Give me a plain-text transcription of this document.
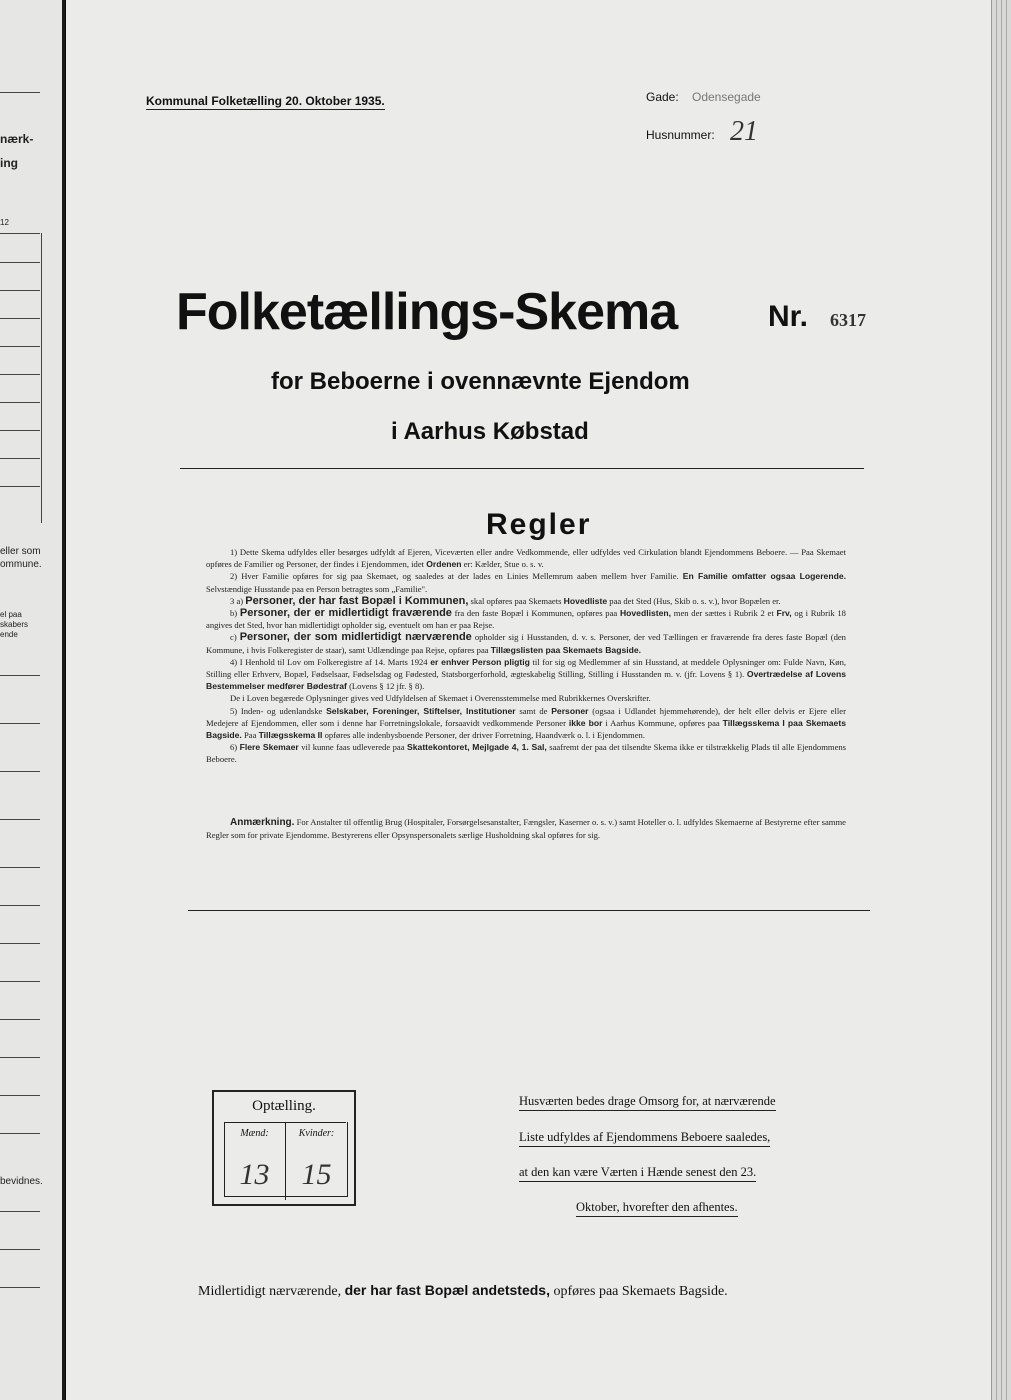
nærk-
ing
12
eller som
ommune.
el paa
skabers
ende
bevidnes.
Kommunal Folketælling 20. Oktober 1935.	Gade: Odensegade
Husnummer: 21
Folketællings-Skema	Nr. 6317
for Beboerne i ovennævnte Ejendom
i Aarhus Købstad
Regler

1) Dette Skema udfyldes eller besørges udfyldt af Ejeren, Viceværten eller andre Vedkommende, eller udfyldes ved Cirkulation blandt Ejendommens Beboere. — Paa Skemaet opføres de Familier og Personer, der findes i Ejendommen, idet Ordenen er: Kælder, Stue o. s. v.

2) Hver Familie opføres for sig paa Skemaet, og saaledes at der lades en Linies Mellemrum aaben mellem hver Familie. En Familie omfatter ogsaa Logerende. Selvstændige Husstande paa en Person betragtes som „Familie".

3 a) Personer, der har fast Bopæl i Kommunen, skal opføres paa Skemaets Hovedliste paa det Sted (Hus, Skib o. s. v.), hvor Bopælen er.

b) Personer, der er midlertidigt fraværende fra den faste Bopæl i Kommunen, opføres paa Hovedlisten, men der sættes i Rubrik 2 et Frv, og i Rubrik 18 angives det Sted, hvor han midlertidigt opholder sig, eventuelt om han er paa Rejse.

c) Personer, der som midlertidigt nærværende opholder sig i Husstanden, d. v. s. Personer, der ved Tællingen er fraværende fra deres faste Bopæl (den Kommune, i hvis Folkeregister de staar), samt Udlændinge paa Rejse, opføres paa Tillægslisten paa Skemaets Bagside.

4) I Henhold til Lov om Folkeregistre af 14. Marts 1924 er enhver Person pligtig til for sig og Medlemmer af sin Husstand, at meddele Oplysninger om: Fulde Navn, Køn, Stilling eller Erhverv, Bopæl, Fødselsaar, Fødselsdag og Fødested, Statsborgerforhold, ægteskabelig Stilling, Stilling i Husstanden m. v. (jfr. Lovens § 1). Overtrædelse af Lovens Bestemmelser medfører Bødestraf (Lovens § 12 jfr. § 8).

De i Loven begærede Oplysninger gives ved Udfyldelsen af Skemaet i Overensstemmelse med Rubrikkernes Overskrifter.

5) Inden- og udenlandske Selskaber, Foreninger, Stiftelser, Institutioner samt de Personer (ogsaa i Udlandet hjemmehørende), der helt eller delvis er Ejere eller Medejere af Ejendommen, eller som i denne har Forretningslokale, forsaavidt vedkommende Personer ikke bor i Aarhus Kommune, opføres paa Tillægsskema I paa Skemaets Bagside. Paa Tillægsskema II opføres alle indenbysboende Personer, der driver Forretning, Haandværk o. l. i Ejendommen.

6) Flere Skemaer vil kunne faas udleverede paa Skattekontoret, Mejlgade 4, 1. Sal, saafremt der paa det tilsendte Skema ikke er tilstrækkelig Plads til alle Ejendommens Beboere.

Anmærkning. For Anstalter til offentlig Brug (Hospitaler, Forsørgelsesanstalter, Fængsler, Kaserner o. s. v.) samt Hoteller o. l. udfyldes Skemaerne af Bestyrerne efter samme Regler som for private Ejendomme. Bestyrerens eller Opsynspersonalets særlige Husholdning skal opføres for sig.
Optælling.
Mænd:	Kvinder:
13	15
Husværten bedes drage Omsorg for, at nærværende
Liste udfyldes af Ejendommens Beboere saaledes,
at den kan være Værten i Hænde senest den 23.
Oktober, hvorefter den afhentes.
Midlertidigt nærværende, der har fast Bopæl andetsteds, opføres paa Skemaets Bagside.
